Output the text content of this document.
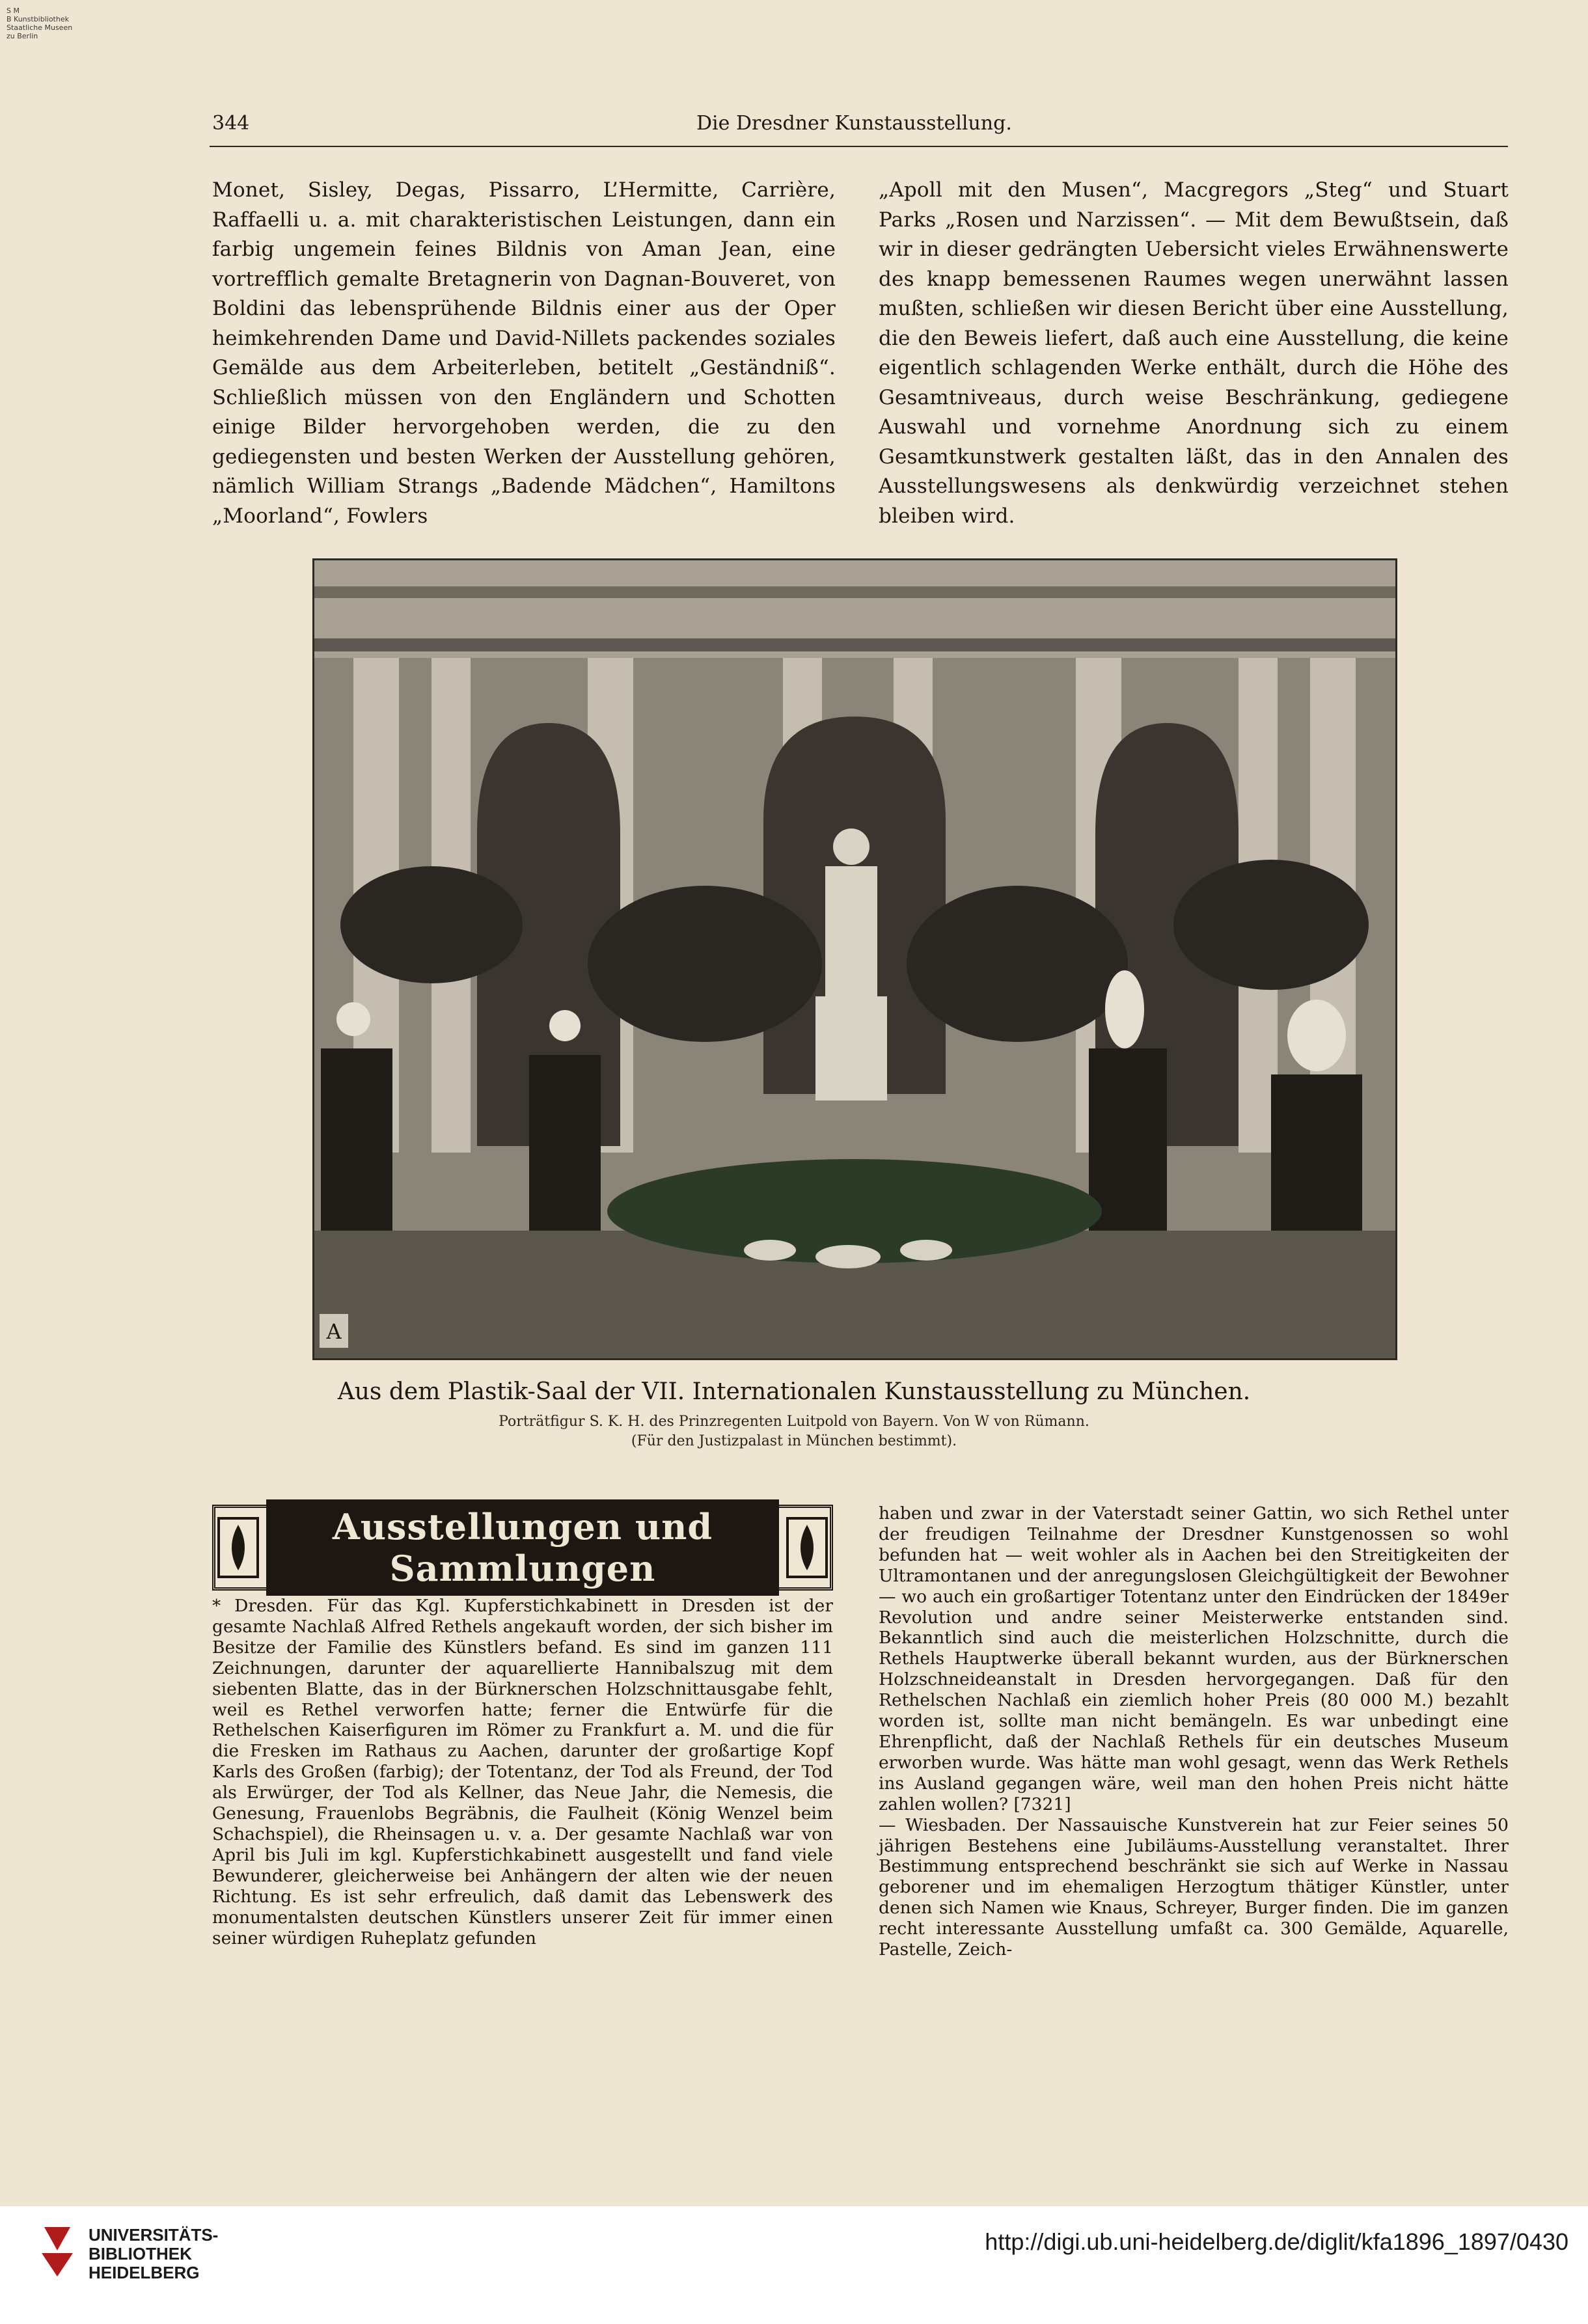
S M
B Kunstbibliothek
Staatliche Museen
zu Berlin
344	Die Dresdner Kunstausstellung.

Monet, Sisley, Degas, Pissarro, L’Hermitte, Carrière, Raffaelli u. a. mit charakteristischen Leistungen, dann ein farbig ungemein feines Bildnis von Aman Jean, eine vortrefflich gemalte Bretagnerin von Dagnan-Bouveret, von Boldini das lebensprühende Bildnis einer aus der Oper heimkehrenden Dame und David-Nillets packendes soziales Gemälde aus dem Arbeiterleben, betitelt „Geständniß“. Schließlich müssen von den Engländern und Schotten einige Bilder hervorgehoben werden, die zu den gediegensten und besten Werken der Ausstellung gehören, nämlich William Strangs „Badende Mädchen“, Hamiltons „Moorland“, Fowlers

„Apoll mit den Musen“, Macgregors „Steg“ und Stuart Parks „Rosen und Narzissen“. — Mit dem Bewußtsein, daß wir in dieser gedrängten Uebersicht vieles Erwähnenswerte des knapp bemessenen Raumes wegen unerwähnt lassen mußten, schließen wir diesen Bericht über eine Ausstellung, die den Beweis liefert, daß auch eine Ausstellung, die keine eigentlich schlagenden Werke enthält, durch die Höhe des Gesamtniveaus, durch weise Beschränkung, gediegene Auswahl und vornehme Anordnung sich zu einem Gesamtkunstwerk gestalten läßt, das in den Annalen des Ausstellungswesens als denkwürdig verzeichnet stehen bleiben wird.

A
Aus dem Plastik-Saal der VII. Internationalen Kunstausstellung zu München.
Porträtfigur S. K. H. des Prinzregenten Luitpold von Bayern. Von W von Rümann.
(Für den Justizpalast in München bestimmt).
Ausstellungen und Sammlungen

* Dresden. Für das Kgl. Kupferstichkabinett in Dresden ist der gesamte Nachlaß Alfred Rethels angekauft worden, der sich bisher im Besitze der Familie des Künstlers befand. Es sind im ganzen 111 Zeichnungen, darunter der aquarellierte Hannibalszug mit dem siebenten Blatte, das in der Bürknerschen Holzschnittausgabe fehlt, weil es Rethel verworfen hatte; ferner die Entwürfe für die Rethelschen Kaiserfiguren im Römer zu Frankfurt a. M. und die für die Fresken im Rathaus zu Aachen, darunter der großartige Kopf Karls des Großen (farbig); der Totentanz, der Tod als Freund, der Tod als Erwürger, der Tod als Kellner, das Neue Jahr, die Nemesis, die Genesung, Frauenlobs Begräbnis, die Faulheit (König Wenzel beim Schachspiel), die Rheinsagen u. v. a. Der gesamte Nachlaß war von April bis Juli im kgl. Kupferstichkabinett ausgestellt und fand viele Bewunderer, gleicherweise bei Anhängern der alten wie der neuen Richtung. Es ist sehr erfreulich, daß damit das Lebenswerk des monumentalsten deutschen Künstlers unserer Zeit für immer einen seiner würdigen Ruheplatz gefunden

haben und zwar in der Vaterstadt seiner Gattin, wo sich Rethel unter der freudigen Teilnahme der Dresdner Kunstgenossen so wohl befunden hat — weit wohler als in Aachen bei den Streitigkeiten der Ultramontanen und der anregungslosen Gleichgültigkeit der Bewohner — wo auch ein großartiger Totentanz unter den Eindrücken der 1849er Revolution und andre seiner Meisterwerke entstanden sind. Bekanntlich sind auch die meisterlichen Holzschnitte, durch die Rethels Hauptwerke überall bekannt wurden, aus der Bürknerschen Holzschneideanstalt in Dresden hervorgegangen. Daß für den Rethelschen Nachlaß ein ziemlich hoher Preis (80 000 M.) bezahlt worden ist, sollte man nicht bemängeln. Es war unbedingt eine Ehrenpflicht, daß der Nachlaß Rethels für ein deutsches Museum erworben wurde. Was hätte man wohl gesagt, wenn das Werk Rethels ins Ausland gegangen wäre, weil man den hohen Preis nicht hätte zahlen wollen? [7321]

— Wiesbaden. Der Nassauische Kunstverein hat zur Feier seines 50 jährigen Bestehens eine Jubiläums-Ausstellung veranstaltet. Ihrer Bestimmung entsprechend beschränkt sie sich auf Werke in Nassau geborener und im ehemaligen Herzogtum thätiger Künstler, unter denen sich Namen wie Knaus, Schreyer, Burger finden. Die im ganzen recht interessante Ausstellung umfaßt ca. 300 Gemälde, Aquarelle, Pastelle, Zeich-

UNIVERSITÄTS-
BIBLIOTHEK
HEIDELBERG
http://digi.ub.uni-heidelberg.de/diglit/kfa1896_1897/0430
